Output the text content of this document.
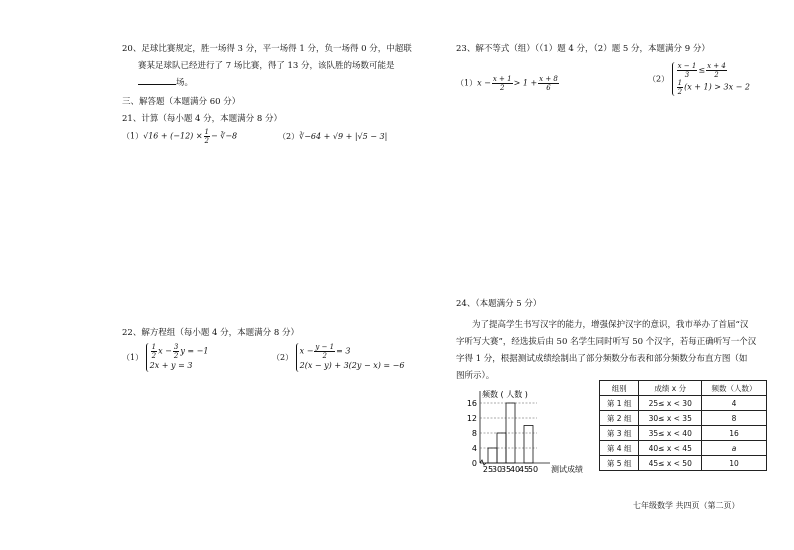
20、足球比赛规定，胜一场得 3 分，平一场得 1 分，负一场得 0 分，中超联
赛某足球队已经进行了 7 场比赛，得了 13 分，该队胜的场数可能是
场。
三、解答题（本题满分 60 分）
21、计算（每小题 4 分，本题满分 8 分）
$(1)√16 + (-12) \times \frac{1}{2}$ − ∛−8	（2）∛−64 + √9 + |√5 − 3|
22、解方程组（每小题 4 分，本题满分 8 分）
$(1) \frac{1}{2}$ $x - \frac{3}{2}$ y = −1
2x + y = 3
（2）
$x - \frac{y - 1}{2} = 3$
2(x − y) + 3(2y − x) = −6
23、解不等式（组）（（1）题 4 分，（2）题 5 分，本题满分 9 分）
$(1)x - \frac{x + 1}{2} > 1 + \frac{x + 8}{6}$	$(2) \frac{x - 1}{3} \le \frac{x + 4}{2}$
$\frac{1}{2} (x + 1) > 3x - 2$
24、（本题满分 5 分）
为了提高学生书写汉字的能力，增强保护汉字的意识，我市举办了首届“汉
字听写大赛”，经选拔后由 50 名学生同时听写 50 个汉字，若每正确听写一个汉
字得 1 分，根据测试成绩绘制出了部分频数分布表和部分频数分布直方图（如
图所示）。
0
4
8
12
16
25
30
35
40
45
50
频数 ( 人数 )
测试成绩
组别	成绩 x 分	频数（人数）
第 1 组	25≤ x < 30	4
第 2 组	30≤ x < 35	8
第 3 组	35≤ x < 40	16
第 4 组	40≤ x < 45	a
第 5 组	45≤ x < 50	10
七年级数学 共四页（第二页）
